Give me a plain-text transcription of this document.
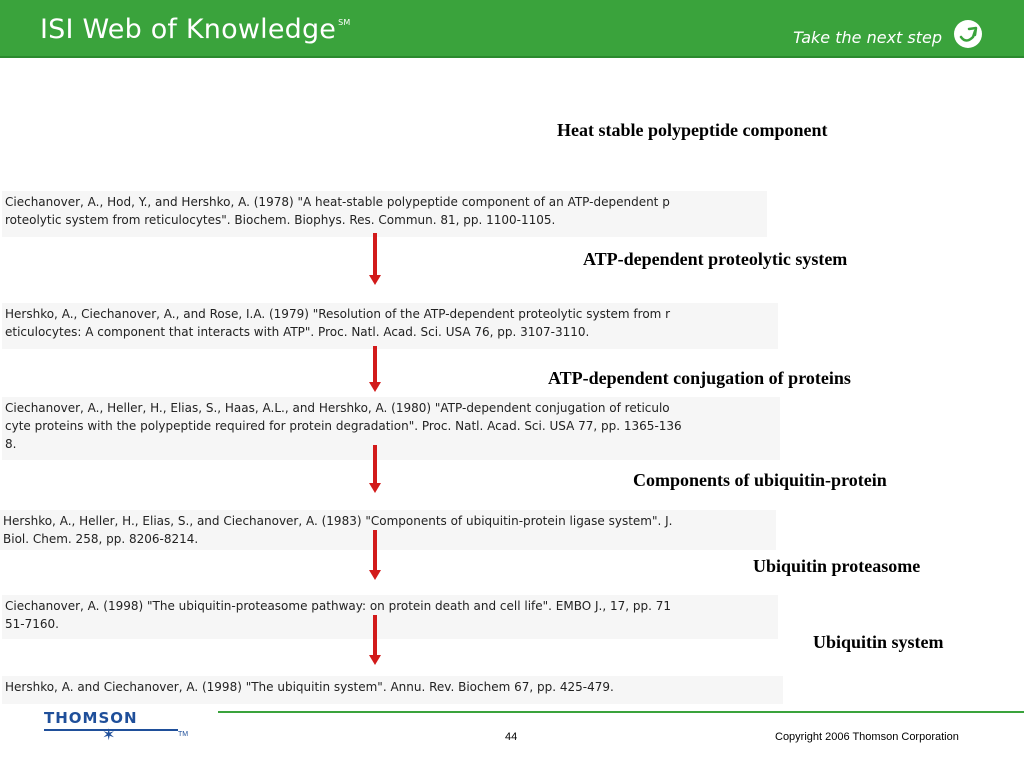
ISI Web of Knowledge ℠
Take the next step
Heat stable polypeptide component
ATP-dependent proteolytic system
ATP-dependent conjugation of proteins
Components of ubiquitin-protein
Ubiquitin proteasome
Ubiquitin system
Ciechanover, A., Hod, Y., and Hershko, A. (1978) "A heat-stable polypeptide component of an ATP-dependent p
roteolytic system from reticulocytes". Biochem. Biophys. Res. Commun. 81, pp. 1100-1105.
Hershko, A., Ciechanover, A., and Rose, I.A. (1979) "Resolution of the ATP-dependent proteolytic system from r
eticulocytes: A component that interacts with ATP". Proc. Natl. Acad. Sci. USA 76, pp. 3107-3110.
Ciechanover, A., Heller, H., Elias, S., Haas, A.L., and Hershko, A. (1980) "ATP-dependent conjugation of reticulo
cyte proteins with the polypeptide required for protein degradation". Proc. Natl. Acad. Sci. USA 77, pp. 1365-136
8.
Hershko, A., Heller, H., Elias, S., and Ciechanover, A. (1983) "Components of ubiquitin-protein ligase system". J.
Biol. Chem. 258, pp. 8206-8214.
Ciechanover, A. (1998) "The ubiquitin-proteasome pathway: on protein death and cell life". EMBO J., 17, pp. 71
51-7160.
Hershko, A. and Ciechanover, A. (1998) "The ubiquitin system". Annu. Rev. Biochem 67, pp. 425-479.
THOMSON
✶	TM	44	Copyright 2006 Thomson Corporation
